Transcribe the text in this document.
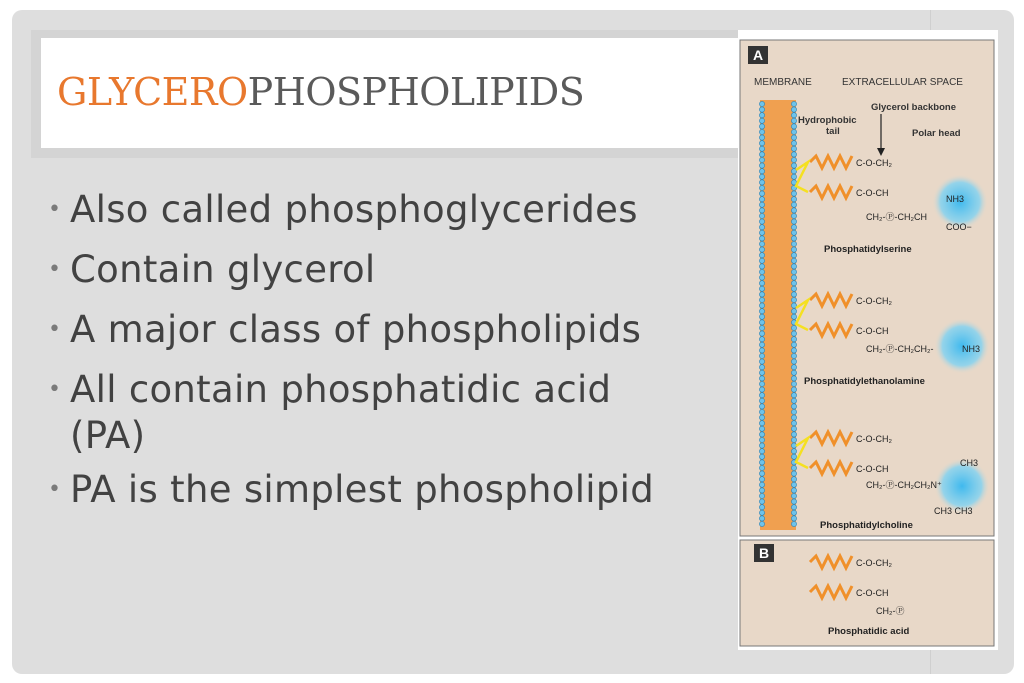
GLYCEROPHOSPHOLIPIDS
• Also called phosphoglycerides
• Contain glycerol
• A major class of phospholipids
• All contain phosphatidic acid
(PA)
• PA is the simplest phospholipid
A
MEMBRANE	EXTRACELLULAR SPACE
Glycerol backbone
Hydrophobic
tail	Polar head
C-O-CH₂
C-O-CH
CH₂-Ⓟ-CH₂CH
NH3
COO−
Phosphatidylserine
C-O-CH₂
C-O-CH
CH₂-Ⓟ-CH₂CH₂-	NH3
Phosphatidylethanolamine
C-O-CH₂
C-O-CH
CH3
CH₂-Ⓟ-CH₂CH₂N⁺
CH3 CH3
Phosphatidylcholine
B
C-O-CH₂
C-O-CH
CH₂-Ⓟ
Phosphatidic acid
